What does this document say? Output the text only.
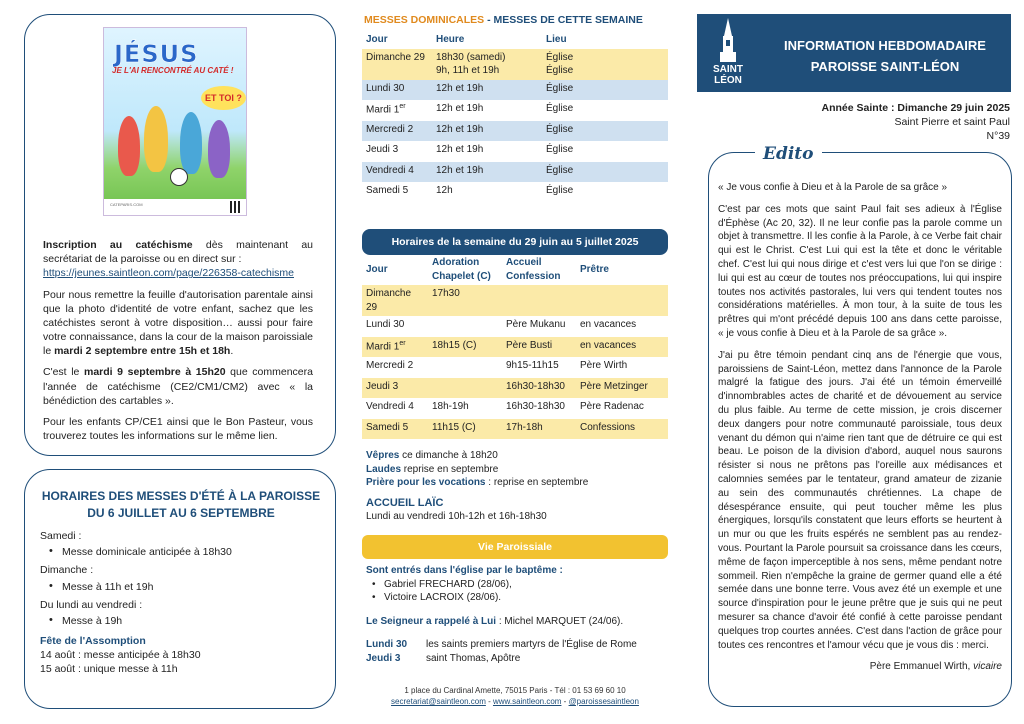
JÉSUS
JE L'AI RENCONTRÉ AU CATÉ !
ET TOI ?
CATEPARIS.COM

Inscription au catéchisme dès maintenant au secrétariat de la paroisse ou en direct sur :
https://jeunes.saintleon.com/page/226358-catechisme

Pour nous remettre la feuille d'autorisation parentale ainsi que la photo d'identité de votre enfant, sachez que les catéchistes seront à votre disposition… aussi pour faire votre connaissance, dans la cour de la maison paroissiale le mardi 2 septembre entre 15h et 18h.

C'est le mardi 9 septembre à 15h20 que commencera l'année de catéchisme (CE2/CM1/CM2) avec « la bénédiction des cartables ».

Pour les enfants CP/CE1 ainsi que le Bon Pasteur, vous trouverez toutes les informations sur le même lien.

HORAIRES DES MESSES D'ÉTÉ À LA PAROISSE
DU 6 JUILLET AU 6 SEPTEMBRE
Samedi :
• Messe dominicale anticipée à 18h30
Dimanche :
• Messe à 11h et 19h
Du lundi au vendredi :
• Messe à 19h
Fête de l'Assomption
14 août : messe anticipée à 18h30
15 août : unique messe à 11h
MESSES DOMINICALES - MESSES DE CETTE SEMAINE
Jour	Heure	Lieu
Dimanche 29	18h30 (samedi)
9h, 11h et 19h	Église
Église
Lundi 30	12h et 19h	Église
Mardi 1er	12h et 19h	Église
Mercredi 2	12h et 19h	Église
Jeudi 3	12h et 19h	Église
Vendredi 4	12h et 19h	Église
Samedi 5	12h	Église
Horaires de la semaine du 29 juin au 5 juillet 2025
Jour	Adoration
Chapelet (C)	Accueil
Confession	Prêtre
Dimanche 29	17h30		
Lundi 30		Père Mukanu	en vacances
Mardi 1er	18h15 (C)	Père Busti	en vacances
Mercredi 2		9h15-11h15	Père Wirth
Jeudi 3		16h30-18h30	Père Metzinger
Vendredi 4	18h-19h	16h30-18h30	Père Radenac
Samedi 5	11h15 (C)	17h-18h	Confessions
Vêpres ce dimanche à 18h20
Laudes reprise en septembre
Prière pour les vocations : reprise en septembre
ACCUEIL LAÏC
Lundi au vendredi 10h-12h et 16h-18h30
Vie Paroissiale
Sont entrés dans l'église par le baptême :
• Gabriel FRECHARD (28/06),
• Victoire LACROIX (28/06).
Le Seigneur a rappelé à Lui : Michel MARQUET (24/06).
Lundi 30	les saints premiers martyrs de l'Église de Rome
Jeudi 3	saint Thomas, Apôtre
1 place du Cardinal Amette, 75015 Paris - Tél : 01 53 69 60 10
secretariat@saintleon.com - www.saintleon.com - @paroissesaintleon
SAINT
LÉON
INFORMATION HEBDOMADAIRE
PAROISSE SAINT-LÉON
Année Sainte : Dimanche 29 juin 2025
Saint Pierre et saint Paul
N°39
Edito

« Je vous confie à Dieu et à la Parole de sa grâce »

C'est par ces mots que saint Paul fait ses adieux à l'Église d'Éphèse (Ac 20, 32). Il ne leur confie pas la parole comme un objet à transmettre. Il les confie à la Parole, à ce Verbe fait chair qui est le Christ. C'est Lui qui est la tête et donc le véritable chef. C'est lui qui nous dirige et c'est vers lui que l'on se dirige : lui qui est au cœur de toutes nos préoccupations, lui qui inspire toutes nos activités pastorales, lui vers qui tendent toutes nos considérations matérielles. À mon tour, à la suite de tous les prêtres qui m'ont précédé depuis 100 ans dans cette paroisse, « je vous confie à Dieu et à la Parole de sa grâce ».

J'ai pu être témoin pendant cinq ans de l'énergie que vous, paroissiens de Saint-Léon, mettez dans l'annonce de la Parole malgré la fatigue des jours. J'ai été un témoin émerveillé d'innombrables actes de charité et de dévouement au service du plus faible. Au terme de cette mission, je crois discerner deux dangers pour notre communauté paroissiale, tous deux venant du démon qui n'aime rien tant que de détruire ce qui est beau. Le poison de la division d'abord, auquel nous saurons résister si nous ne prêtons pas l'oreille aux médisances et calomnies semées par le tentateur, grand amateur de zizanie au sein des communautés chrétiennes. La chape de désespérance ensuite, qui peut toucher même les plus énergiques, lorsqu'ils constatent que leurs efforts se heurtent à un mur ou que les fruits espérés ne semblent pas au rendez-vous. Pourtant la Parole poursuit sa croissance dans les cœurs, même de façon imperceptible à nos sens, même pendant notre sommeil. Rien n'empêche la graine de germer quand elle a été semée dans une bonne terre. Vous avez été un exemple et une source d'inspiration pour le jeune prêtre que je suis qui ne peut mesurer sa chance d'avoir été confié à cette paroisse pendant quelques trop courtes années. C'est dans l'action de grâce pour toutes ces rencontres et l'amour vécu que je vous dis : merci.

Père Emmanuel Wirth, vicaire
